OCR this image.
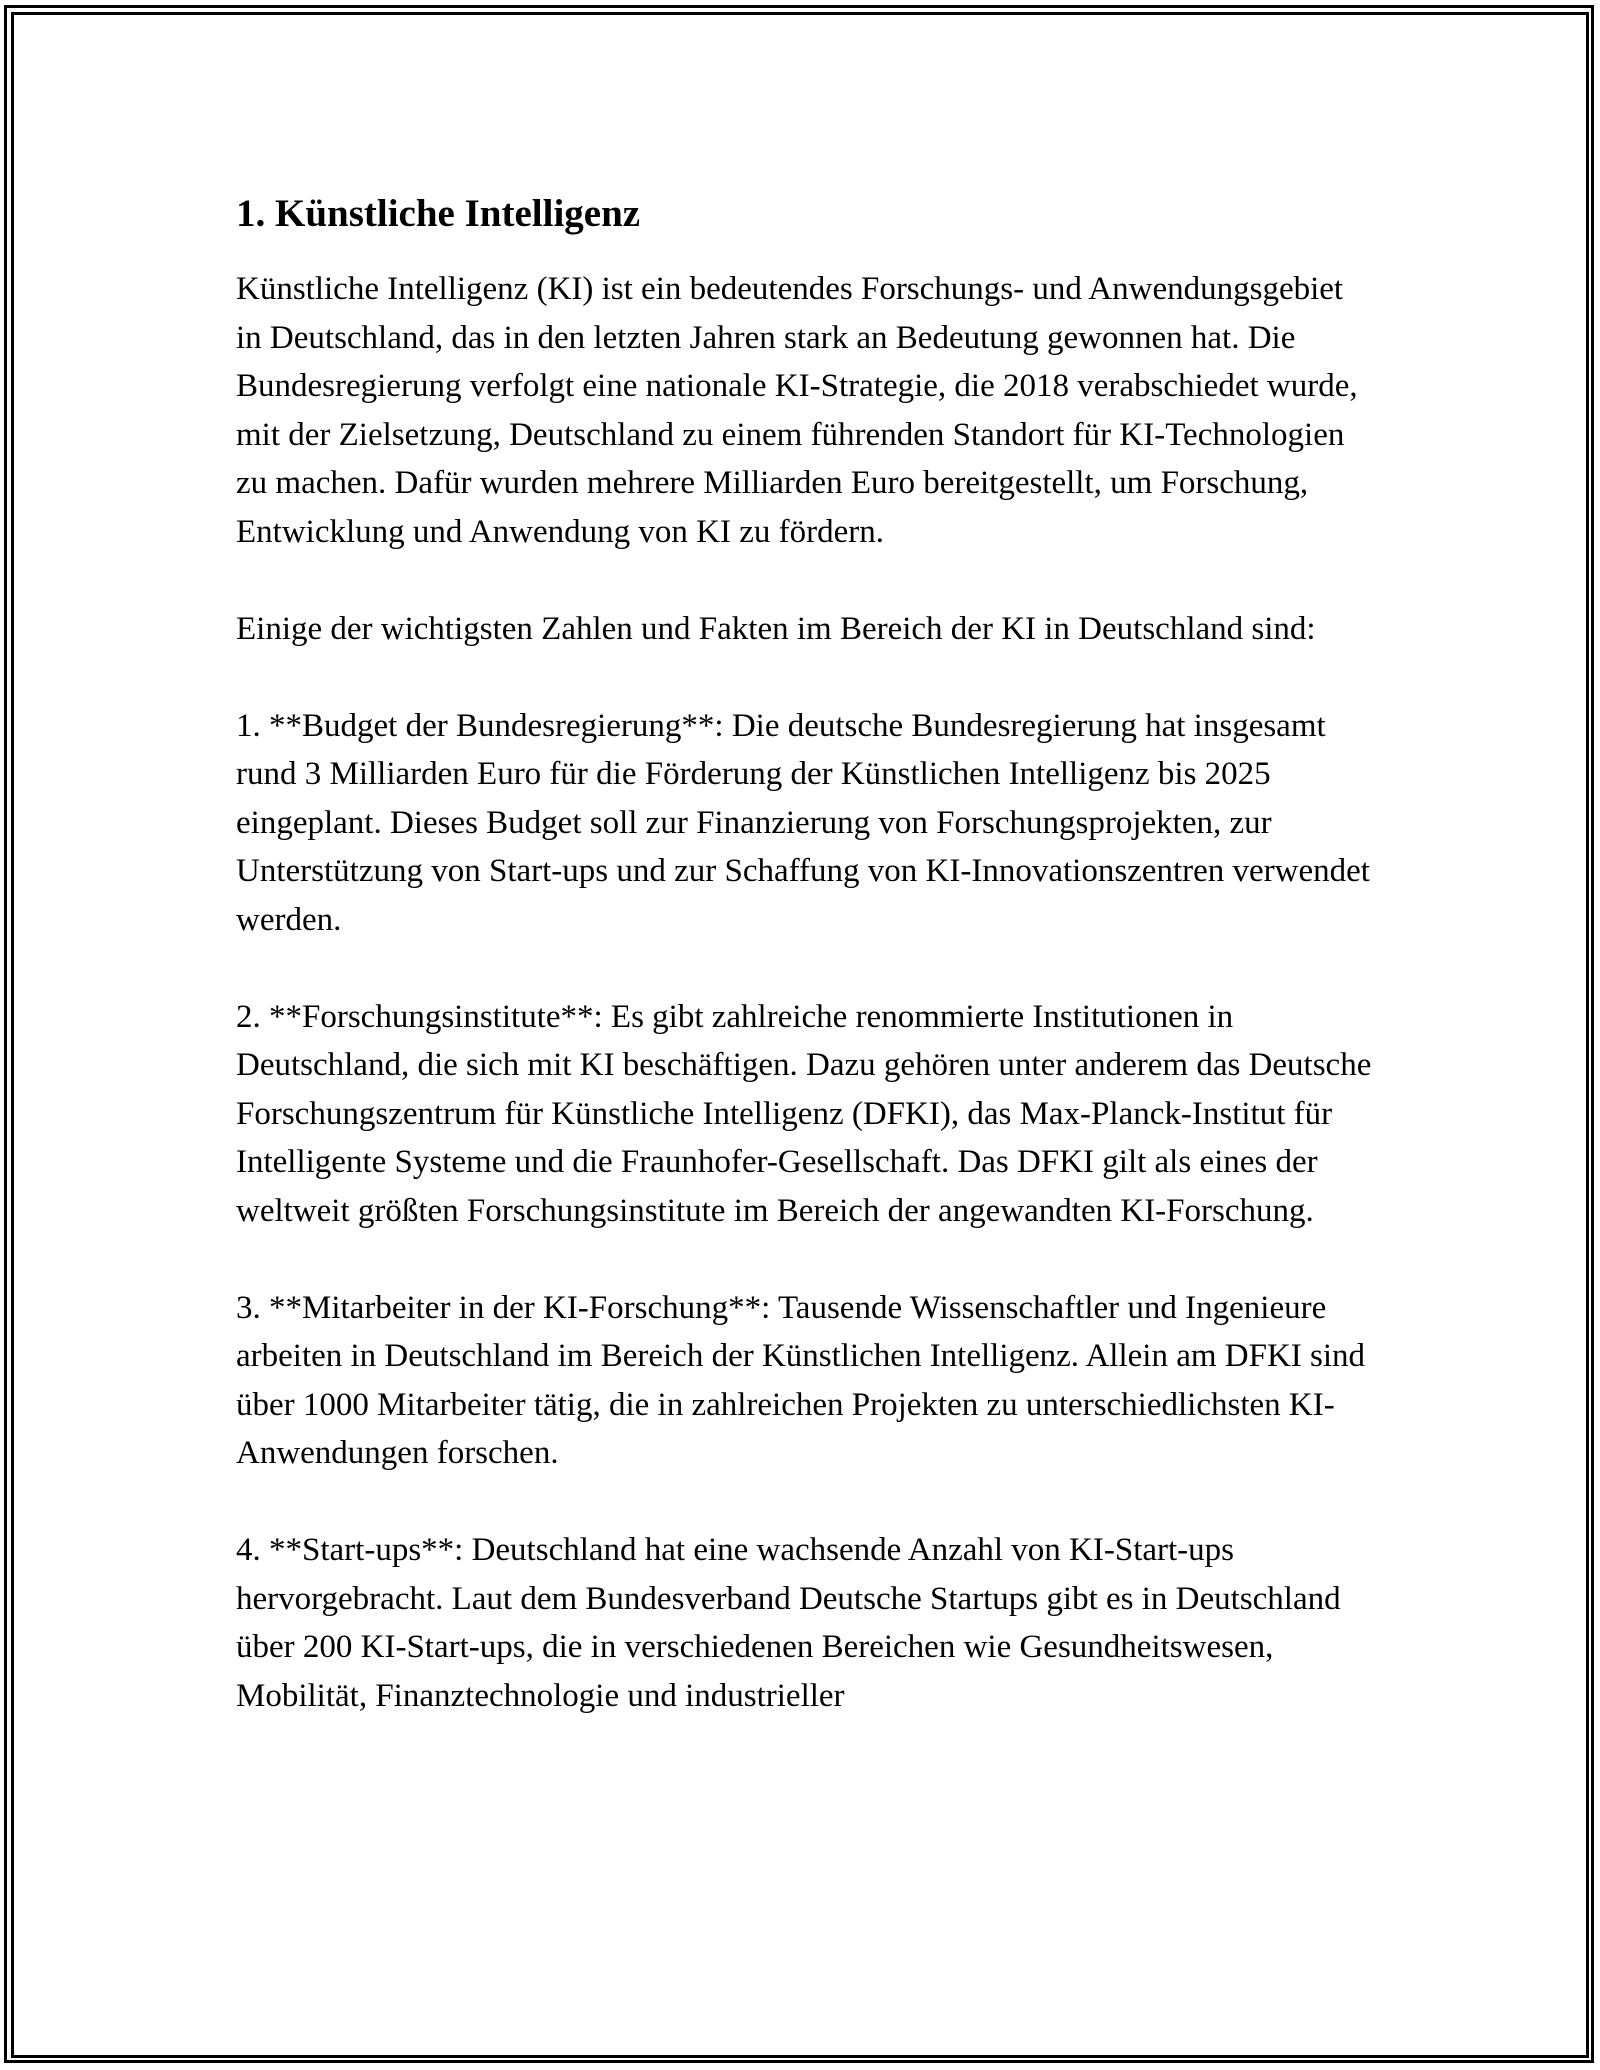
1. Künstliche Intelligenz

Künstliche Intelligenz (KI) ist ein bedeutendes Forschungs- und Anwendungsgebiet in Deutschland, das in den letzten Jahren stark an Bedeutung gewonnen hat. Die Bundesregierung verfolgt eine nationale KI-Strategie, die 2018 verabschiedet wurde, mit der Zielsetzung, Deutschland zu einem führenden Standort für KI-Technologien zu machen. Dafür wurden mehrere Milliarden Euro bereitgestellt, um Forschung, Entwicklung und Anwendung von KI zu fördern.

Einige der wichtigsten Zahlen und Fakten im Bereich der KI in Deutschland sind:

1. **Budget der Bundesregierung**: Die deutsche Bundesregierung hat insgesamt rund 3 Milliarden Euro für die Förderung der Künstlichen Intelligenz bis 2025 eingeplant. Dieses Budget soll zur Finanzierung von Forschungsprojekten, zur Unterstützung von Start-ups und zur Schaffung von KI-Innovationszentren verwendet werden.

2. **Forschungsinstitute**: Es gibt zahlreiche renommierte Institutionen in Deutschland, die sich mit KI beschäftigen. Dazu gehören unter anderem das Deutsche Forschungszentrum für Künstliche Intelligenz (DFKI), das Max-Planck-Institut für Intelligente Systeme und die Fraunhofer-Gesellschaft. Das DFKI gilt als eines der weltweit größten Forschungsinstitute im Bereich der angewandten KI-Forschung.

3. **Mitarbeiter in der KI-Forschung**: Tausende Wissenschaftler und Ingenieure arbeiten in Deutschland im Bereich der Künstlichen Intelligenz. Allein am DFKI sind über 1000 Mitarbeiter tätig, die in zahlreichen Projekten zu unterschiedlichsten KI-Anwendungen forschen.

4. **Start-ups**: Deutschland hat eine wachsende Anzahl von KI-Start-ups hervorgebracht. Laut dem Bundesverband Deutsche Startups gibt es in Deutschland über 200 KI-Start-ups, die in verschiedenen Bereichen wie Gesundheitswesen, Mobilität, Finanztechnologie und industrieller
